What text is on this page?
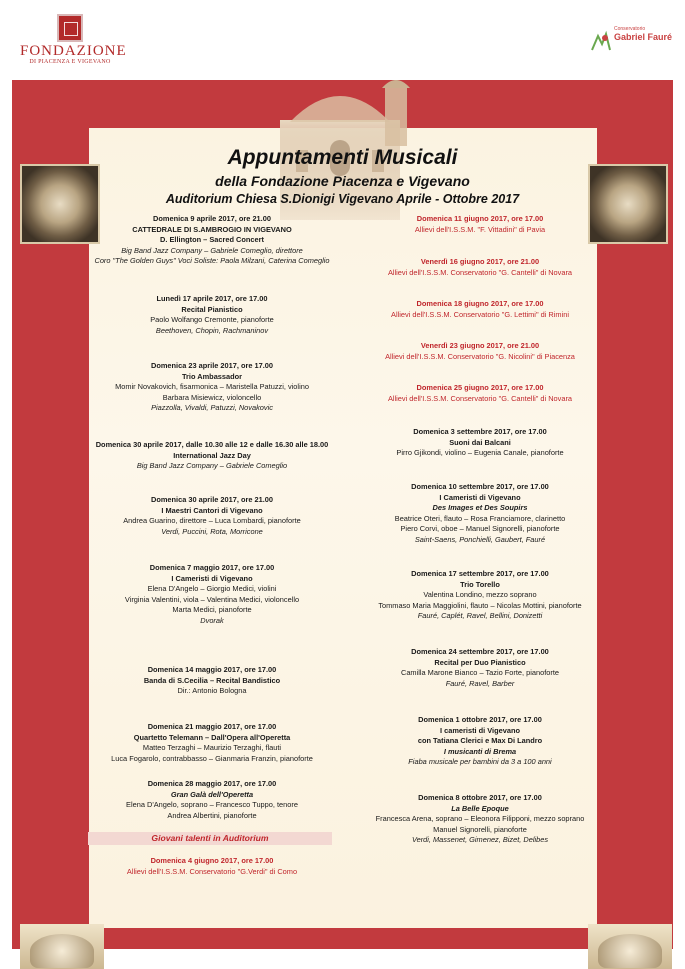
FONDAZIONE
DI PIACENZA E VIGEVANO
Conservatorio
Gabriel Fauré
Appuntamenti Musicali
della Fondazione Piacenza e Vigevano
Auditorium Chiesa S.Dionigi Vigevano Aprile - Ottobre 2017
Domenica 9 aprile 2017, ore 21.00
CATTEDRALE DI S.AMBROGIO IN VIGEVANO
D. Ellington – Sacred Concert
Big Band Jazz Company – Gabriele Comeglio, direttore
Coro "The Golden Guys" Voci Soliste: Paola Milzani, Caterina Comeglio
Lunedì 17 aprile 2017, ore 17.00
Recital Pianistico
Paolo Wolfango Cremonte, pianoforte
Beethoven, Chopin, Rachmaninov
Domenica 23 aprile 2017, ore 17.00
Trio Ambassador
Momir Novakovich, fisarmonica – Maristella Patuzzi, violino
Barbara Misiewicz, violoncello
Piazzolla, Vivaldi, Patuzzi, Novakovic
Domenica 30 aprile 2017, dalle 10.30 alle 12 e dalle 16.30 alle 18.00
International Jazz Day
Big Band Jazz Company – Gabriele Comeglio
Domenica 30 aprile 2017, ore 21.00
I Maestri Cantori di Vigevano
Andrea Guarino, direttore – Luca Lombardi, pianoforte
Verdi, Puccini, Rota, Morricone
Domenica 7 maggio 2017, ore 17.00
I Cameristi di Vigevano
Elena D'Angelo – Giorgio Medici, violini
Virginia Valentini, viola – Valentina Medici, violoncello
Marta Medici, pianoforte
Dvorak
Domenica 14 maggio 2017, ore 17.00
Banda di S.Cecilia – Recital Bandistico
Dir.: Antonio Bologna
Domenica 21 maggio 2017, ore 17.00
Quartetto Telemann – Dall'Opera all'Operetta
Matteo Terzaghi – Maurizio Terzaghi, flauti
Luca Fogarolo, contrabbasso – Gianmaria Franzin, pianoforte
Domenica 28 maggio 2017, ore 17.00
Gran Galà dell'Operetta
Elena D'Angelo, soprano – Francesco Tuppo, tenore
Andrea Albertini, pianoforte
Giovani talenti in Auditorium
Domenica 4 giugno 2017, ore 17.00
Allievi dell'I.S.S.M. Conservatorio "G.Verdi" di Como
Domenica 11 giugno 2017, ore 17.00
Allievi dell'I.S.S.M. "F. Vittadini" di Pavia
Venerdì 16 giugno 2017, ore 21.00
Allievi dell'I.S.S.M. Conservatorio "G. Cantelli" di Novara
Domenica 18 giugno 2017, ore 17.00
Allievi dell'I.S.S.M. Conservatorio "G. Lettimi" di Rimini
Venerdì 23 giugno 2017, ore 21.00
Allievi dell'I.S.S.M. Conservatorio "G. Nicolini" di Piacenza
Domenica 25 giugno 2017, ore 17.00
Allievi dell'I.S.S.M. Conservatorio "G. Cantelli" di Novara
Domenica 3 settembre 2017, ore 17.00
Suoni dai Balcani
Pirro Gjikondi, violino – Eugenia Canale, pianoforte
Domenica 10 settembre 2017, ore 17.00
I Cameristi di Vigevano
Des Images et Des Soupirs
Beatrice Oteri, flauto – Rosa Franciamore, clarinetto
Piero Corvi, oboe – Manuel Signorelli, pianoforte
Saint-Saens, Ponchielli, Gaubert, Fauré
Domenica 17 settembre 2017, ore 17.00
Trio Torello
Valentina Londino, mezzo soprano
Tommaso Maria Maggiolini, flauto – Nicolas Mottini, pianoforte
Fauré, Caplét, Ravel, Bellini, Donizetti
Domenica 24 settembre 2017, ore 17.00
Recital per Duo Pianistico
Camilla Marone Bianco – Tazio Forte, pianoforte
Fauré, Ravel, Barber
Domenica 1 ottobre 2017, ore 17.00
I cameristi di Vigevano
con Tatiana Clerici e Max Di Landro
I musicanti di Brema
Fiaba musicale per bambini da 3 a 100 anni
Domenica 8 ottobre 2017, ore 17.00
La Belle Epoque
Francesca Arena, soprano – Eleonora Filipponi, mezzo soprano
Manuel Signorelli, pianoforte
Verdi, Massenet, Gimenez, Bizet, Delibes
